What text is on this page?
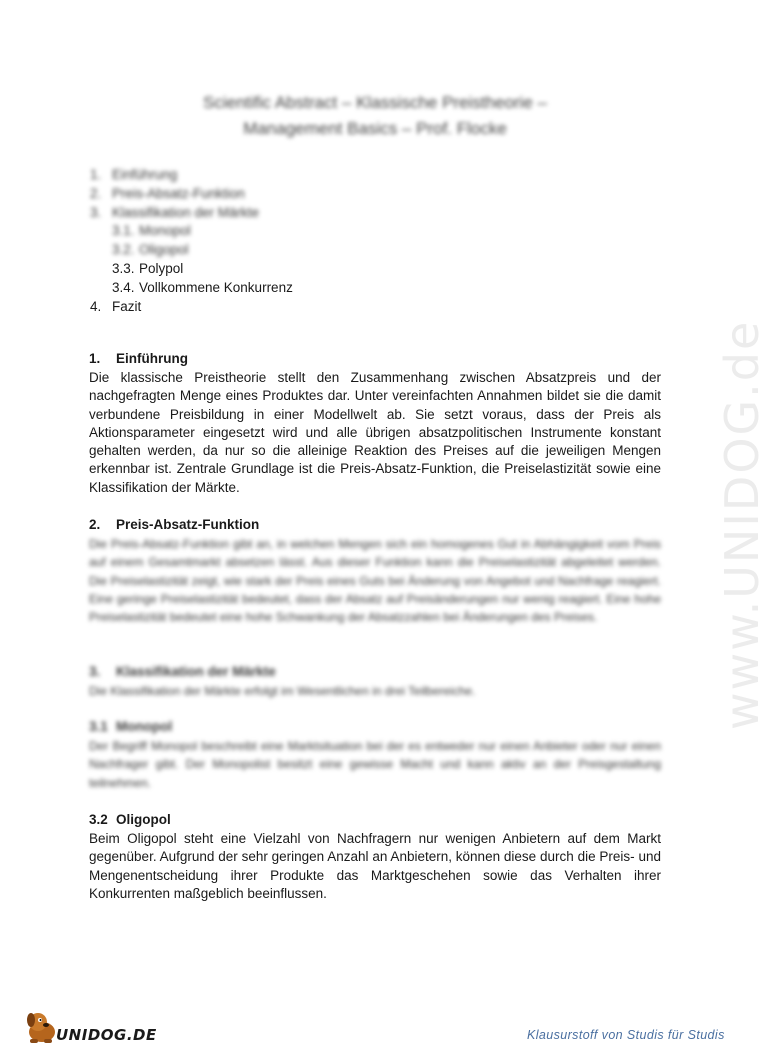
Scientific Abstract – Klassische Preistheorie –
Management Basics – Prof. Flocke
1. Einführung
2. Preis-Absatz-Funktion
3. Klassifikation der Märkte
3.1. Monopol
3.2. Oligopol
3.3. Polypol
3.4. Vollkommene Konkurrenz
4. Fazit
1. Einführung

Die klassische Preistheorie stellt den Zusammenhang zwischen Absatzpreis und der nachgefragten Menge eines Produktes dar. Unter vereinfachten Annahmen bildet sie die damit verbundene Preisbildung in einer Modellwelt ab. Sie setzt voraus, dass der Preis als Aktionsparameter eingesetzt wird und alle übrigen absatzpolitischen Instrumente konstant gehalten werden, da nur so die alleinige Reaktion des Preises auf die jeweiligen Mengen erkennbar ist. Zentrale Grundlage ist die Preis-Absatz-Funktion, die Preiselastizität sowie eine Klassifikation der Märkte.

2. Preis-Absatz-Funktion

Die Preis-Absatz-Funktion gibt an, in welchen Mengen sich ein homogenes Gut in Abhängigkeit vom Preis auf einem Gesamtmarkt absetzen lässt. Aus dieser Funktion kann die Preiselastizität abgeleitet werden. Die Preiselastizität zeigt, wie stark der Preis eines Guts bei Änderung von Angebot und Nachfrage reagiert. Eine geringe Preiselastizität bedeutet, dass der Absatz auf Preisänderungen nur wenig reagiert. Eine hohe Preiselastizität bedeutet eine hohe Schwankung der Absatzzahlen bei Änderungen des Preises.

3. Klassifikation der Märkte

Die Klassifikation der Märkte erfolgt im Wesentlichen in drei Teilbereiche.

3.1 Monopol

Der Begriff Monopol beschreibt eine Marktsituation bei der es entweder nur einen Anbieter oder nur einen Nachfrager gibt. Der Monopolist besitzt eine gewisse Macht und kann aktiv an der Preisgestaltung teilnehmen.

3.2 Oligopol

Beim Oligopol steht eine Vielzahl von Nachfragern nur wenigen Anbietern auf dem Markt gegenüber. Aufgrund der sehr geringen Anzahl an Anbietern, können diese durch die Preis- und Mengenentscheidung ihrer Produkte das Marktgeschehen sowie das Verhalten ihrer Konkurrenten maßgeblich beeinflussen.

www.UNIDOG.de
UNIDOG.DE	Klausurstoff von Studis für Studis
